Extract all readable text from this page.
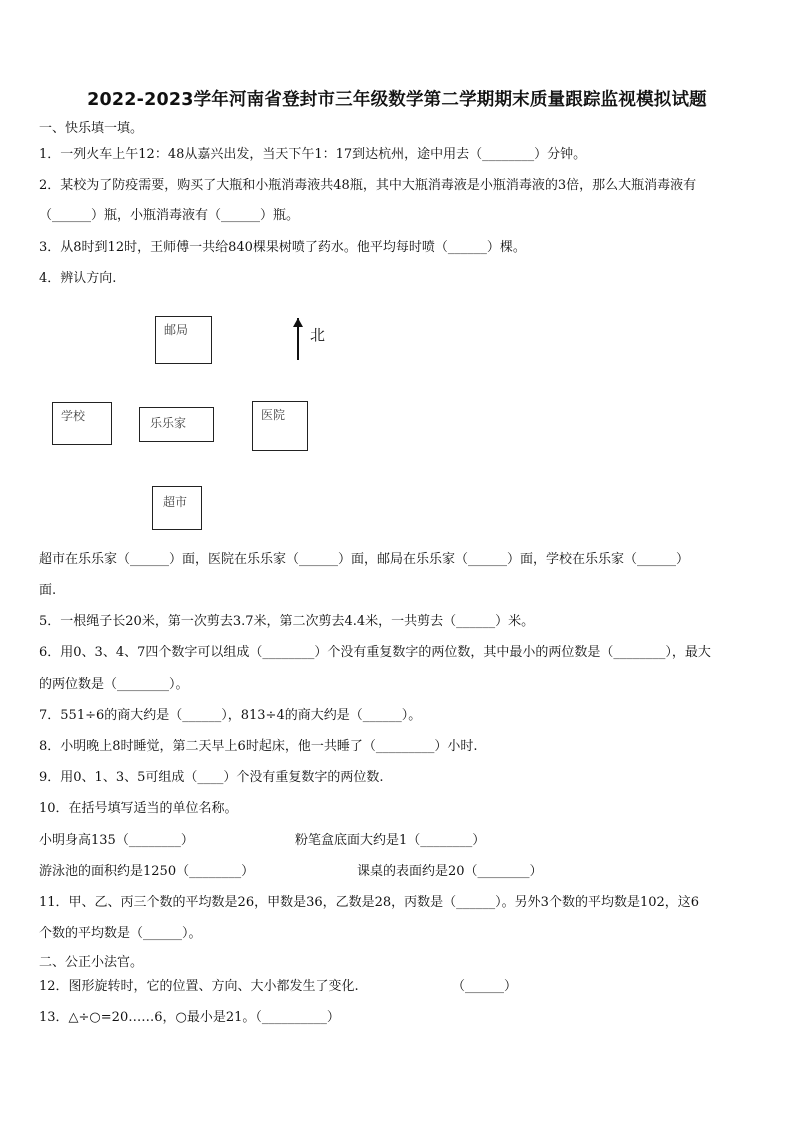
2022-2023学年河南省登封市三年级数学第二学期期末质量跟踪监视模拟试题
一、快乐填一填。
1．一列火车上午12：48从嘉兴出发，当天下午1：17到达杭州，途中用去（________）分钟。
2．某校为了防疫需要，购买了大瓶和小瓶消毒液共48瓶，其中大瓶消毒液是小瓶消毒液的3倍，那么大瓶消毒液有
（______）瓶，小瓶消毒液有（______）瓶。
3．从8时到12时，王师傅一共给840棵果树喷了药水。他平均每时喷（______）棵。
4．辨认方向.
邮局	北
学校	乐乐家
医院
超市
超市在乐乐家（______）面，医院在乐乐家（______）面，邮局在乐乐家（______）面，学校在乐乐家（______）
面.
5．一根绳子长20米，第一次剪去3.7米，第二次剪去4.4米，一共剪去（______）米。
6．用0、3、4、7四个数字可以组成（________）个没有重复数字的两位数，其中最小的两位数是（________），最大
的两位数是（________）。
7．551÷6的商大约是（______），813÷4的商大约是（______）。
8．小明晚上8时睡觉，第二天早上6时起床，他一共睡了（_________）小时.
9．用0、1、3、5可组成（____）个没有重复数字的两位数.
10．在括号填写适当的单位名称。
小明身高135（________）	粉笔盒底面大约是1（________）
游泳池的面积约是1250（________）	课桌的表面约是20（________）
11．甲、乙、丙三个数的平均数是26，甲数是36，乙数是28，丙数是（______）。另外3个数的平均数是102，这6
个数的平均数是（______）。
二、公正小法官。
12．图形旋转时，它的位置、方向、大小都发生了变化.	（______）
13．△÷○=20……6，○最小是21。（__________）
